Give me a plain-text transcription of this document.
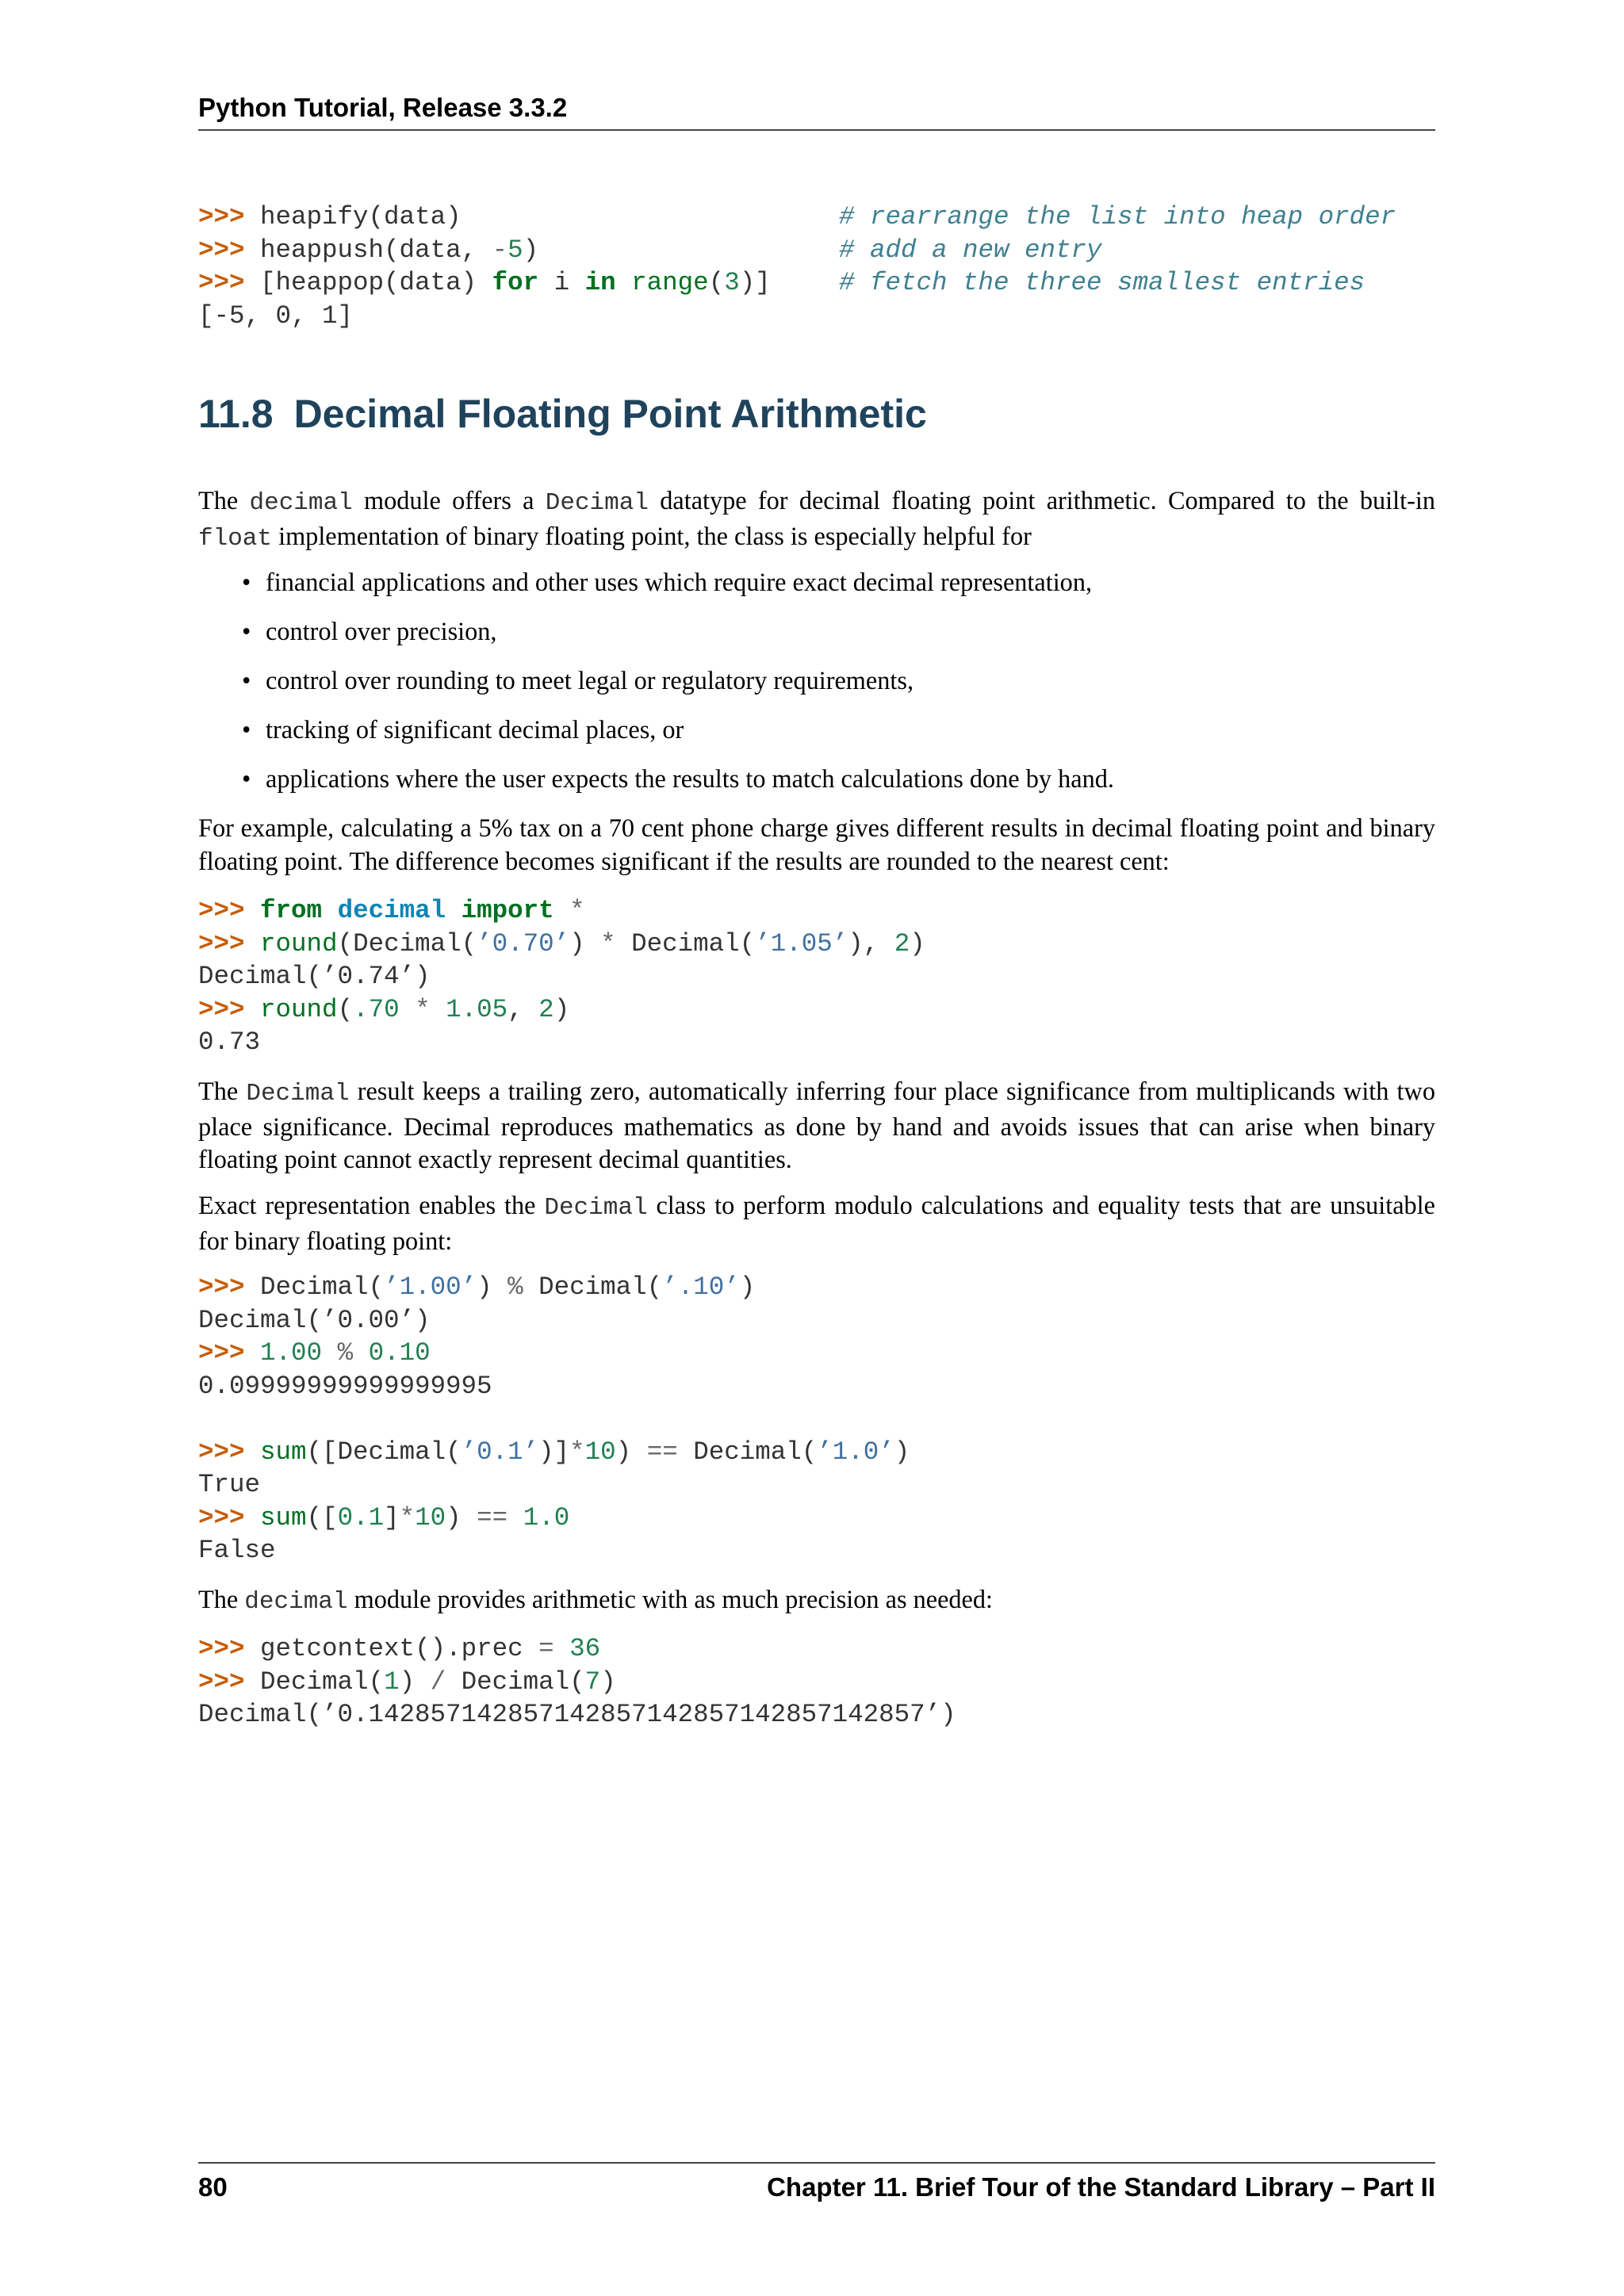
Python Tutorial, Release 3.3.2
>>> heapify(data)	# rearrange the list into heap order
>>> heappush(data, -5)	# add a new entry
>>> [heappop(data) for i in range(3)]	# fetch the three smallest entries
[-5, 0, 1]
11.8 Decimal Floating Point Arithmetic

The decimal module offers a Decimal datatype for decimal floating point arithmetic. Compared to the built-in float implementation of binary floating point, the class is especially helpful for

• financial applications and other uses which require exact decimal representation,
• control over precision,
• control over rounding to meet legal or regulatory requirements,
• tracking of significant decimal places, or
• applications where the user expects the results to match calculations done by hand.

For example, calculating a 5% tax on a 70 cent phone charge gives different results in decimal floating point and binary floating point. The difference becomes significant if the results are rounded to the nearest cent:

>>> from decimal import *
>>> round(Decimal(’0.70’) * Decimal(’1.05’), 2)
Decimal(’0.74’)
>>> round(.70 * 1.05, 2)
0.73

The Decimal result keeps a trailing zero, automatically inferring four place significance from multiplicands with two place significance. Decimal reproduces mathematics as done by hand and avoids issues that can arise when binary floating point cannot exactly represent decimal quantities.

Exact representation enables the Decimal class to perform modulo calculations and equality tests that are unsuitable for binary floating point:

>>> Decimal(’1.00’) % Decimal(’.10’)
Decimal(’0.00’)
>>> 1.00 % 0.10
0.09999999999999995
>>> sum([Decimal(’0.1’)]*10) == Decimal(’1.0’)
True
>>> sum([0.1]*10) == 1.0
False

The decimal module provides arithmetic with as much precision as needed:

>>> getcontext().prec = 36
>>> Decimal(1) / Decimal(7)
Decimal(’0.142857142857142857142857142857142857’)
80	Chapter 11. Brief Tour of the Standard Library – Part II
